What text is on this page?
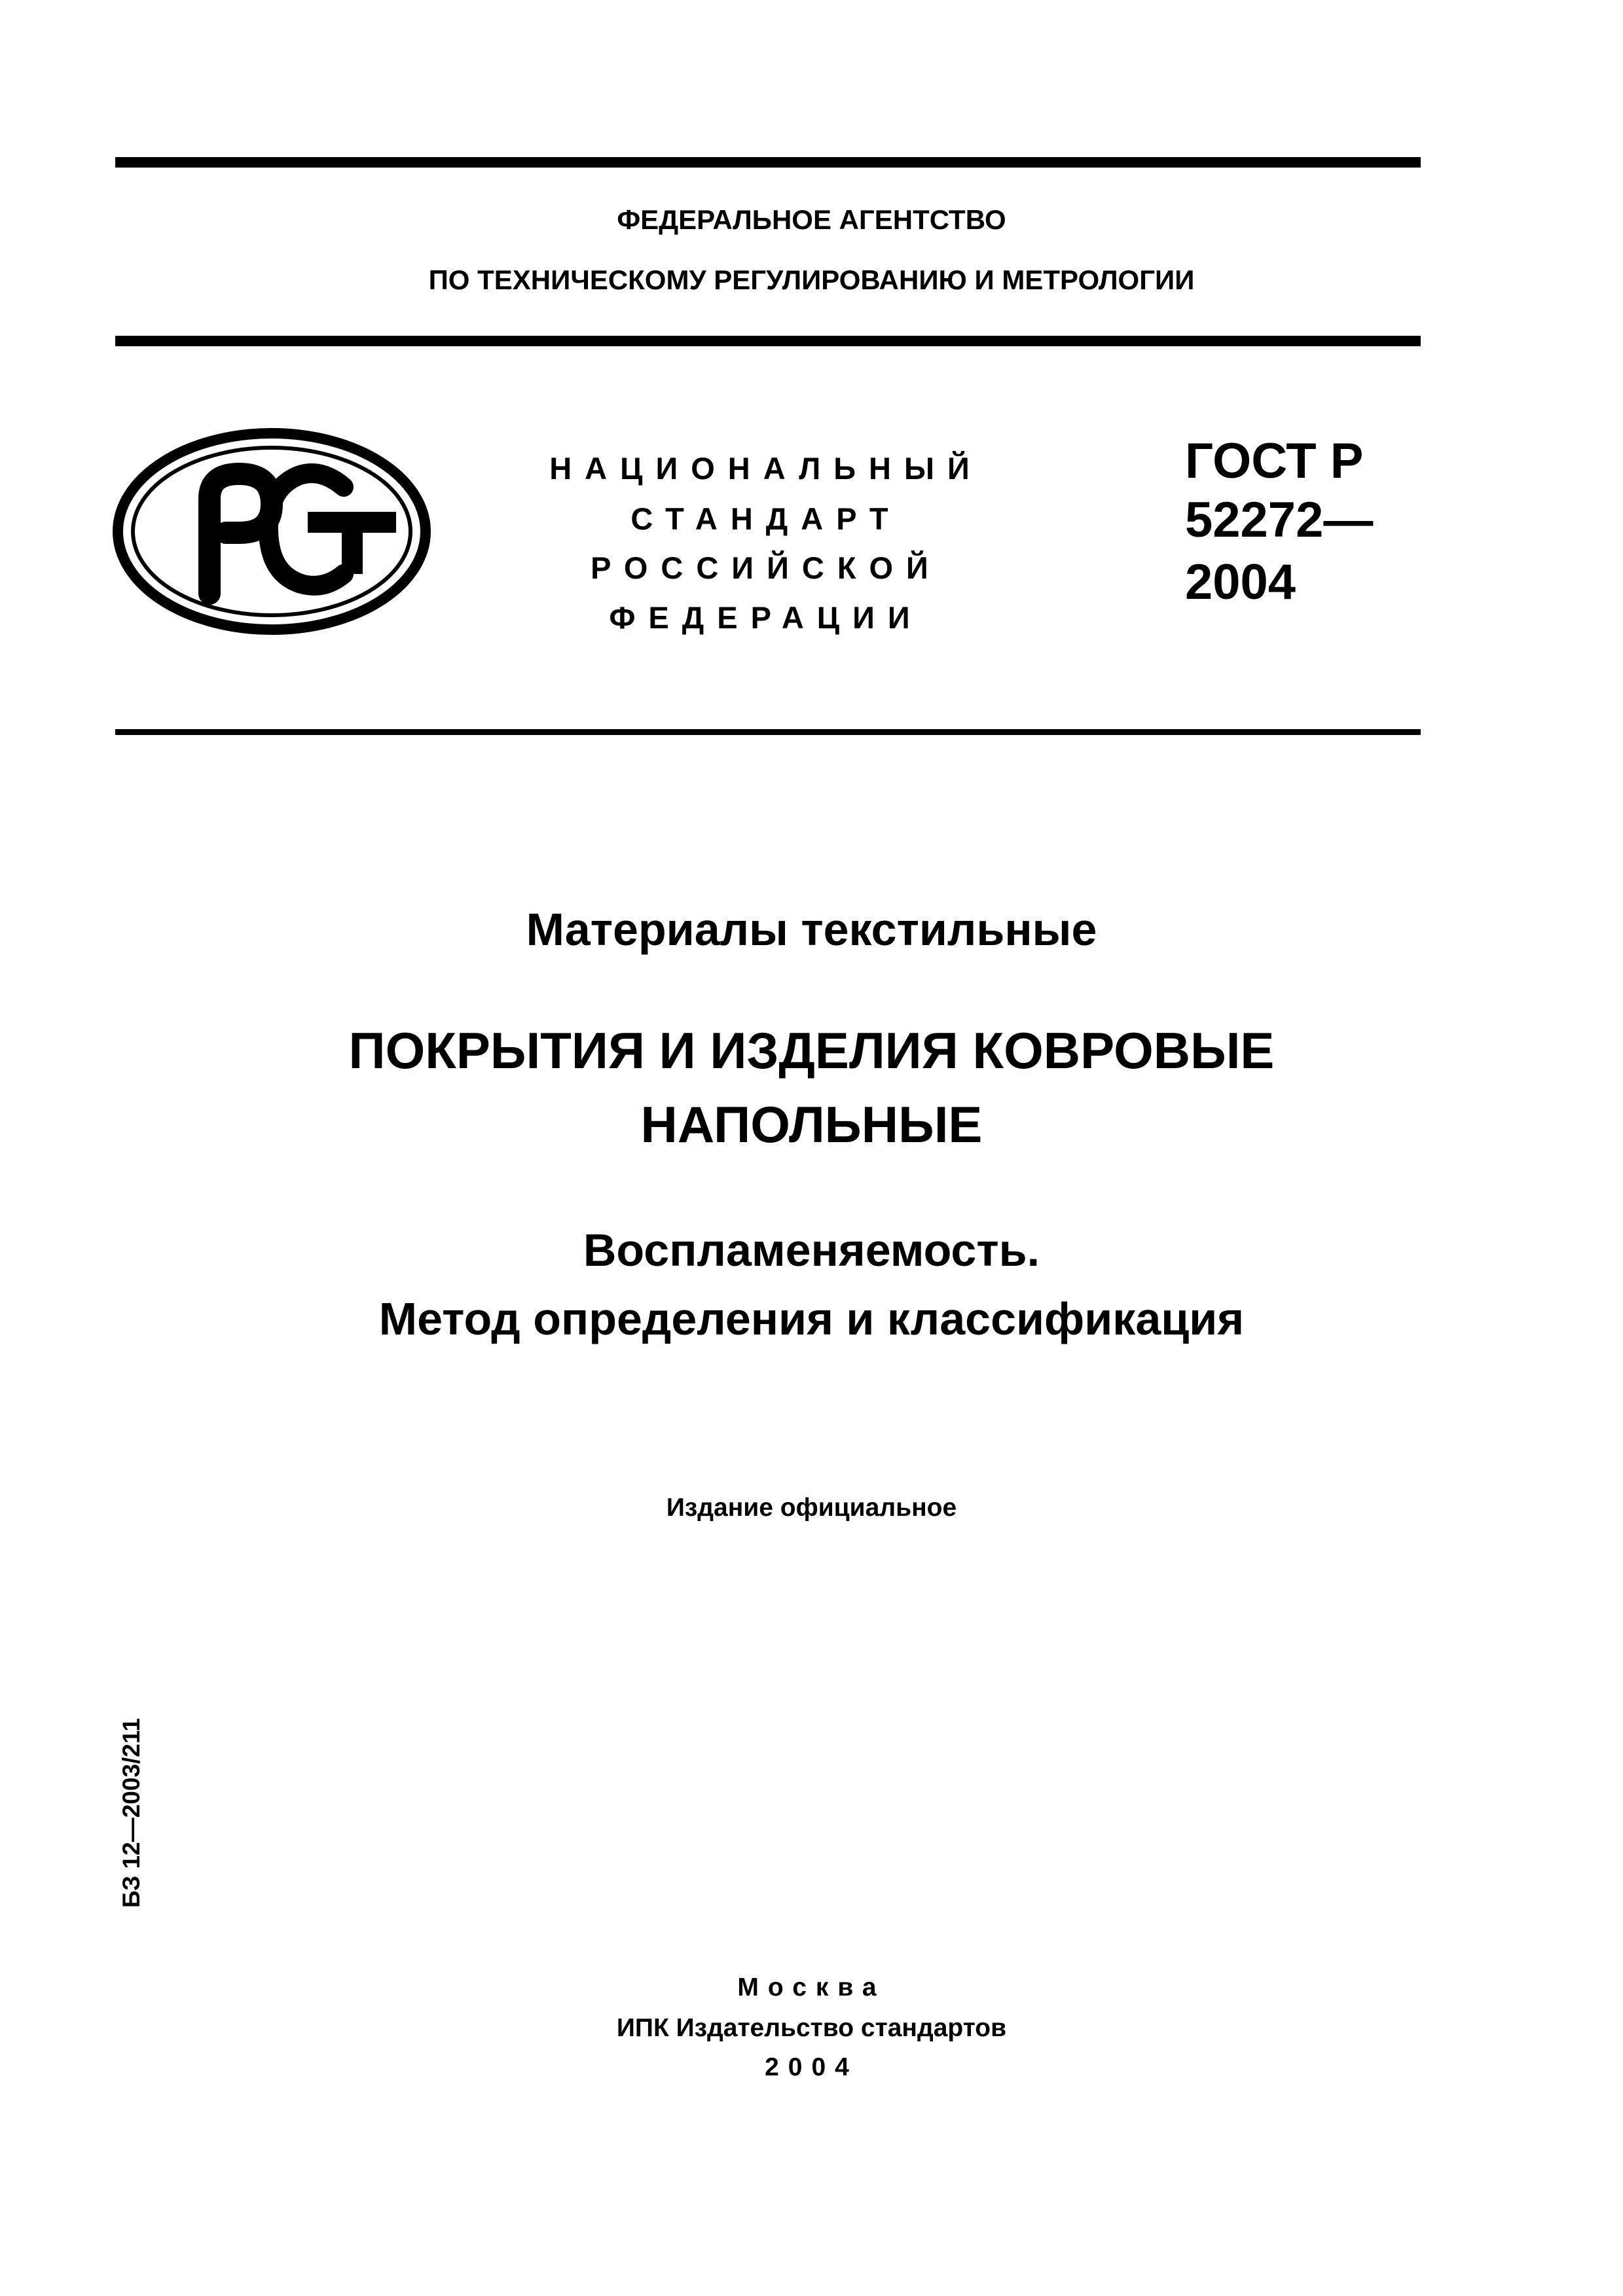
ФЕДЕРАЛЬНОЕ АГЕНТСТВО
ПО ТЕХНИЧЕСКОМУ РЕГУЛИРОВАНИЮ И МЕТРОЛОГИИ
РСТ
НАЦИОНАЛЬНЫЙ
СТАНДАРТ
РОССИЙСКОЙ
ФЕДЕРАЦИИ
ГОСТ Р
52272—
2004
Материалы текстильные
ПОКРЫТИЯ И ИЗДЕЛИЯ КОВРОВЫЕ
НАПОЛЬНЫЕ
Воспламеняемость.
Метод определения и классификация
Издание официальное
БЗ 12—2003/211
Москва
ИПК Издательство стандартов
2004
